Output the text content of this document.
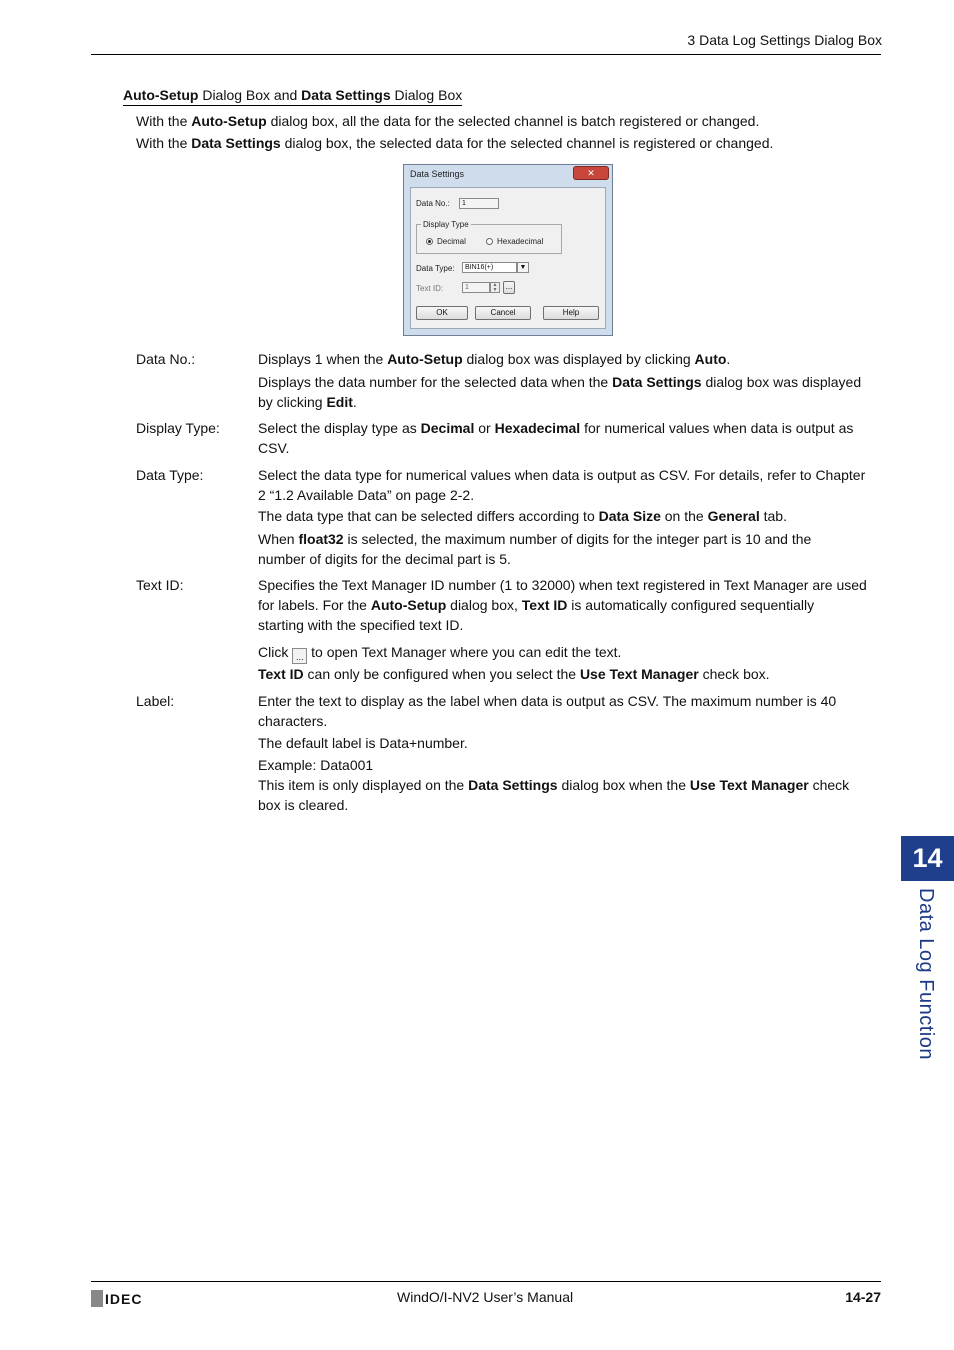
3 Data Log Settings Dialog Box
Auto-Setup Dialog Box and Data Settings Dialog Box
With the Auto-Setup dialog box, all the data for the selected channel is batch registered or changed.
With the Data Settings dialog box, the selected data for the selected channel is registered or changed.
Data Settings	✕
Data No.:	1
Display Type
Decimal	Hexadecimal
Data Type:	BIN16(+)	▼
Text ID:	1	▲
▼	...
OK	Cancel	Help
Data No.:	Displays 1 when the Auto-Setup dialog box was displayed by clicking Auto.
Displays the data number for the selected data when the Data Settings dialog box was displayed
by clicking Edit.
Display Type:	Select the display type as Decimal or Hexadecimal for numerical values when data is output as
CSV.
Data Type:	Select the data type for numerical values when data is output as CSV. For details, refer to Chapter
2 “1.2 Available Data” on page 2-2.
The data type that can be selected differs according to Data Size on the General tab.
When float32 is selected, the maximum number of digits for the integer part is 10 and the
number of digits for the decimal part is 5.
Text ID:	Specifies the Text Manager ID number (1 to 32000) when text registered in Text Manager are used
for labels. For the Auto-Setup dialog box, Text ID is automatically configured sequentially
starting with the specified text ID.
Click ... to open Text Manager where you can edit the text.
Text ID can only be configured when you select the Use Text Manager check box.
Label:	Enter the text to display as the label when data is output as CSV. The maximum number is 40
characters.
The default label is Data+number.
Example: Data001
This item is only displayed on the Data Settings dialog box when the Use Text Manager check
box is cleared.
14
Data Log Function
IDEC	WindO/I-NV2 User’s Manual	14-27
